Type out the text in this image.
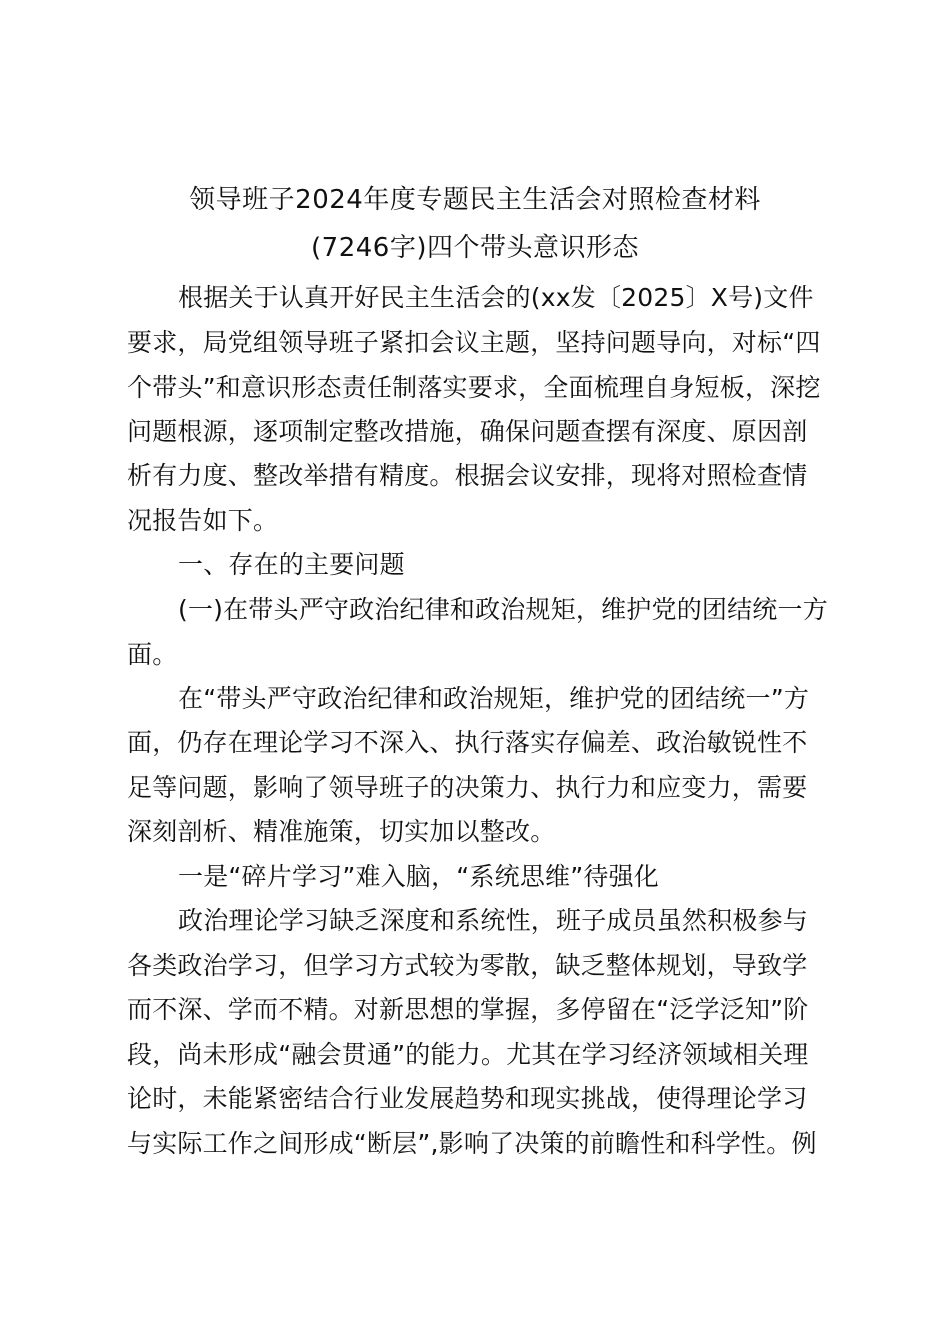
领导班子2024年度专题民主生活会对照检查材料
(7246字)四个带头意识形态
根据关于认真开好民主生活会的(xx发〔2025〕X号)文件
要求，局党组领导班子紧扣会议主题，坚持问题导向，对标“四
个带头”和意识形态责任制落实要求，全面梳理自身短板，深挖
问题根源，逐项制定整改措施，确保问题查摆有深度、原因剖
析有力度、整改举措有精度。根据会议安排，现将对照检查情
况报告如下。
一、存在的主要问题
(一)在带头严守政治纪律和政治规矩，维护党的团结统一方
面。
在“带头严守政治纪律和政治规矩，维护党的团结统一”方
面，仍存在理论学习不深入、执行落实存偏差、政治敏锐性不
足等问题，影响了领导班子的决策力、执行力和应变力，需要
深刻剖析、精准施策，切实加以整改。
一是“碎片学习”难入脑，“系统思维”待强化
政治理论学习缺乏深度和系统性，班子成员虽然积极参与
各类政治学习，但学习方式较为零散，缺乏整体规划，导致学
而不深、学而不精。对新思想的掌握，多停留在“泛学泛知”阶
段，尚未形成“融会贯通”的能力。尤其在学习经济领域相关理
论时，未能紧密结合行业发展趋势和现实挑战，使得理论学习
与实际工作之间形成“断层”,影响了决策的前瞻性和科学性。例
